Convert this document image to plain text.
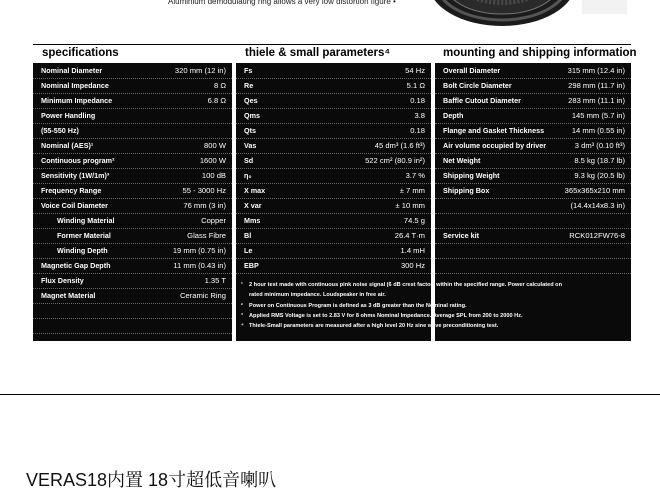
Aluminium demodulating ring allows a very low distortion figure •
specifications	thiele & small parameters⁴	mounting and shipping information
Nominal Diameter	320 mm (12 in)
Nominal Impedance	8 Ω
Minimum Impedance	6.8 Ω
Power Handling
(55-550 Hz)
Nominal (AES)¹	800 W
Continuous program²	1600 W
Sensitivity (1W/1m)³	100 dB
Frequency Range	55 - 3000 Hz
Voice Coil Diameter	76 mm (3 in)
Winding Material	Copper
Former Material	Glass Fibre
Winding Depth	19 mm (0.75 in)
Magnetic Gap Depth	11 mm (0.43 in)
Flux Density	1.35 T
Magnet Material	Ceramic Ring
Fs	54 Hz
Re	5.1 Ω
Qes	0.18
Qms	3.8
Qts	0.18
Vas	45 dm³ (1.6 ft³)
Sd	522 cm² (80.9 in²)
η₀	3.7 %
X max	± 7 mm
X var	± 10 mm
Mms	74.5 g
Bl	26.4 T·m
Le	1.4 mH
EBP	300 Hz
Overall Diameter	315 mm (12.4 in)
Bolt Circle Diameter	298 mm (11.7 in)
Baffle Cutout Diameter	283 mm (11.1 in)
Depth	145 mm (5.7 in)
Flange and Gasket Thickness	14 mm (0.55 in)
Air volume occupied by driver	3 dm³ (0.10 ft³)
Net Weight	8.5 kg (18.7 lb)
Shipping Weight	9.3 kg (20.5 lb)
Shipping Box	365x365x210 mm
(14.4x14x8.3 in)
Service kit	RCK012FW76-8
¹ 2 hour test made with continuous pink noise signal (6 dB crest factor) within the specified range. Power calculated on
rated minimum impedance. Loudspeaker in free air.
² Power on Continuous Program is defined as 3 dB greater than the Nominal rating.
³ Applied RMS Voltage is set to 2.83 V for 8 ohms Nominal Impedance. Average SPL from 200 to 2000 Hz.
⁴ Thiele-Small parameters are measured after a high level 20 Hz sine wave preconditioning test.
VERAS18内置 18寸超低音喇叭
